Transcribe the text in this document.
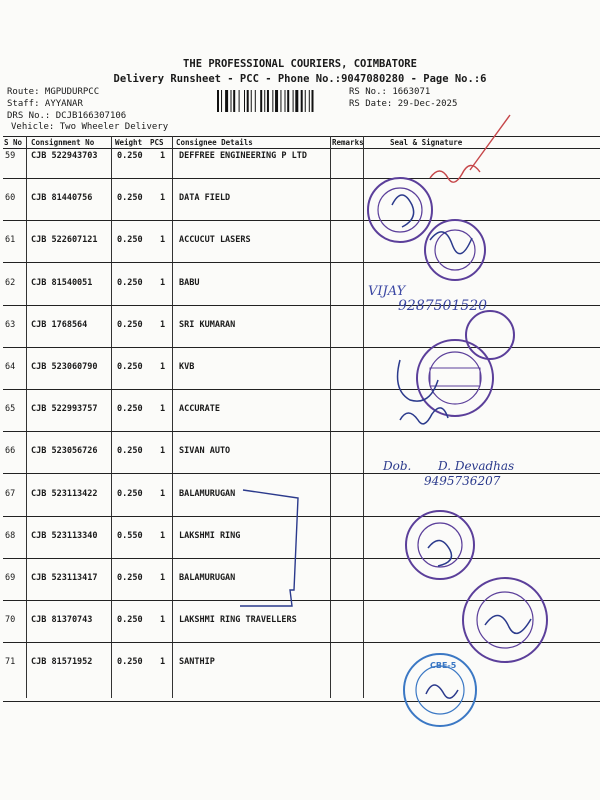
THE PROFESSIONAL COURIERS, COIMBATORE
Delivery Runsheet - PCC - Phone No.:9047080280 - Page No.:6
Route: MGPUDURPCC
Staff: AYYANAR
DRS No.: DCJB166307106
Vehicle: Two Wheeler Delivery
RS No.: 1663071
RS Date: 29-Dec-2025
S No Consignment No	Weight PCS Consignee Details	Remarks	Seal & Signature
59 CJB 522943703 0.250 1 DEFFREE ENGINEERING P LTD
60 CJB 81440756	0.250 1 DATA FIELD
61 CJB 522607121 0.250 1 ACCUCUT LASERS
62 CJB 81540051	0.250 1 BABU
63 CJB 1768564	0.250 1 SRI KUMARAN
64 CJB 523060790 0.250 1 KVB
65 CJB 522993757 0.250 1 ACCURATE
66 CJB 523056726 0.250 1 SIVAN AUTO
67 CJB 523113422 0.250 1 BALAMURUGAN
68 CJB 523113340 0.550 1 LAKSHMI RING
69 CJB 523113417 0.250 1 BALAMURUGAN
70 CJB 81370743	0.250 1 LAKSHMI RING TRAVELLERS
71 CJB 81571952	0.250 1 SANTHIP
VIJAY
9287501520
Dob. D. Devadhas
9495736207
CBE-5
